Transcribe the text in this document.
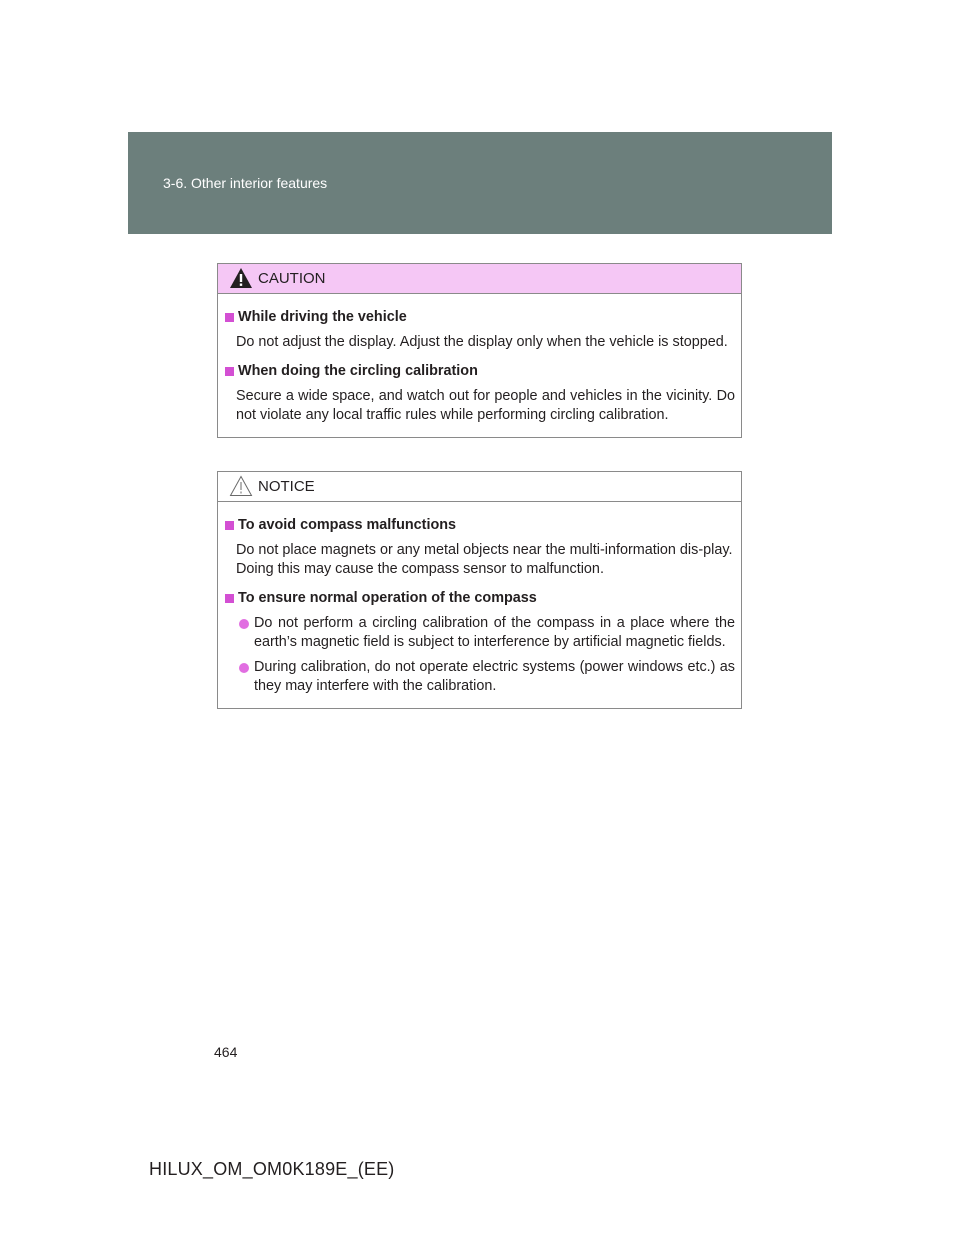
3-6. Other interior features
CAUTION
While driving the vehicle
Do not adjust the display. Adjust the display only when the vehicle is stopped.
When doing the circling calibration
Secure a wide space, and watch out for people and vehicles in the vicinity. Do not violate any local traffic rules while performing circling calibration.
NOTICE
To avoid compass malfunctions
Do not place magnets or any metal objects near the multi-information dis-play.
Doing this may cause the compass sensor to malfunction.
To ensure normal operation of the compass
Do not perform a circling calibration of the compass in a place where the earth’s magnetic field is subject to interference by artificial magnetic fields.
During calibration, do not operate electric systems (power windows etc.) as they may interfere with the calibration.
464
HILUX_OM_OM0K189E_(EE)
